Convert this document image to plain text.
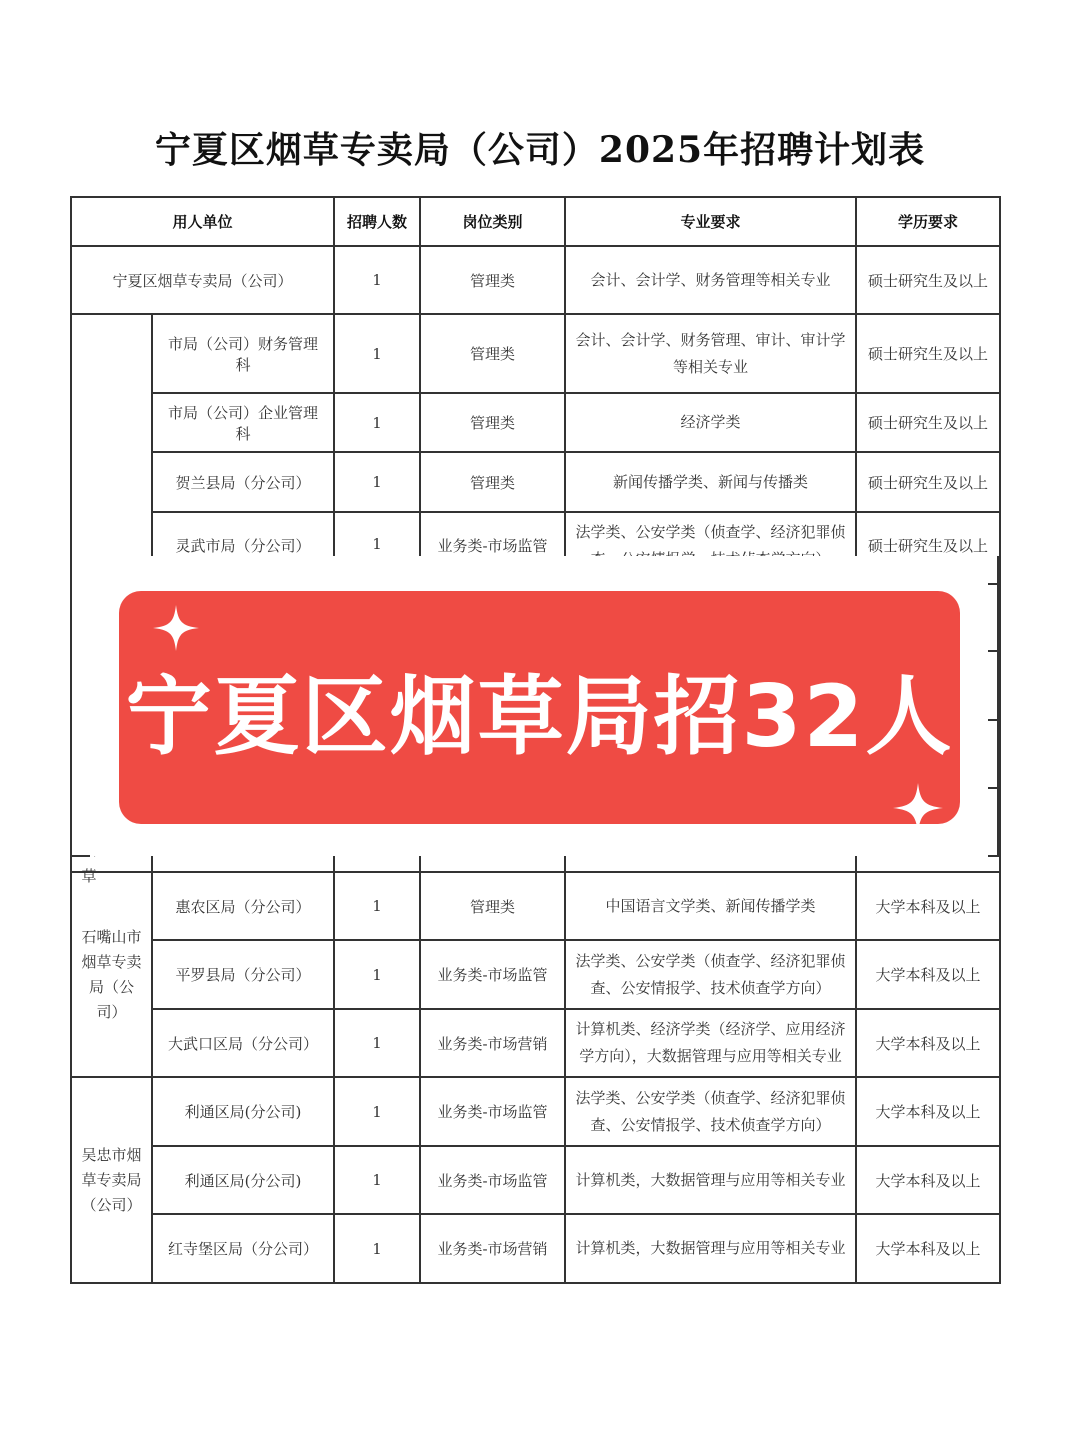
宁夏区烟草专卖局（公司）2025年招聘计划表
用人单位		招聘人数	岗位类别	专业要求	学历要求
宁夏区烟草专卖局（公司）		1	管理类	会计、会计学、财务管理等相关专业	硕士研究生及以上

草	市局（公司）财务管理科	1	管理类	会计、会计学、财务管理、审计、审计学等相关专业	硕士研究生及以上
	市局（公司）企业管理科	1	管理类	经济学类	硕士研究生及以上
	贺兰县局（分公司）	1	管理类	新闻传播学类、新闻与传播类	硕士研究生及以上
	灵武市局（分公司）	1	业务类-市场监管	法学类、公安学类（侦查学、经济犯罪侦	硕士研究生及以上
石嘴山市烟草专卖局（公司）	惠农区局（分公司）	1	管理类	中国语言文学类、新闻传播学类	大学本科及以上
	平罗县局（分公司）	1	业务类-市场监管	法学类、公安学类（侦查学、经济犯罪侦查、公安情报学、技术侦查学方向）	大学本科及以上
	大武口区局（分公司）	1	业务类-市场营销	计算机类、经济学类（经济学、应用经济学方向），大数据管理与应用等相关专业	大学本科及以上
吴忠市烟草专卖局（公司）	利通区局(分公司)	1	业务类-市场监管	法学类、公安学类（侦查学、经济犯罪侦查、公安情报学、技术侦查学方向）	大学本科及以上
	利通区局(分公司)	1	业务类-市场监管	计算机类，大数据管理与应用等相关专业	大学本科及以上
	红寺堡区局（分公司）	1	业务类-市场营销	计算机类，大数据管理与应用等相关专业	大学本科及以上
宁夏区烟草局招32人
